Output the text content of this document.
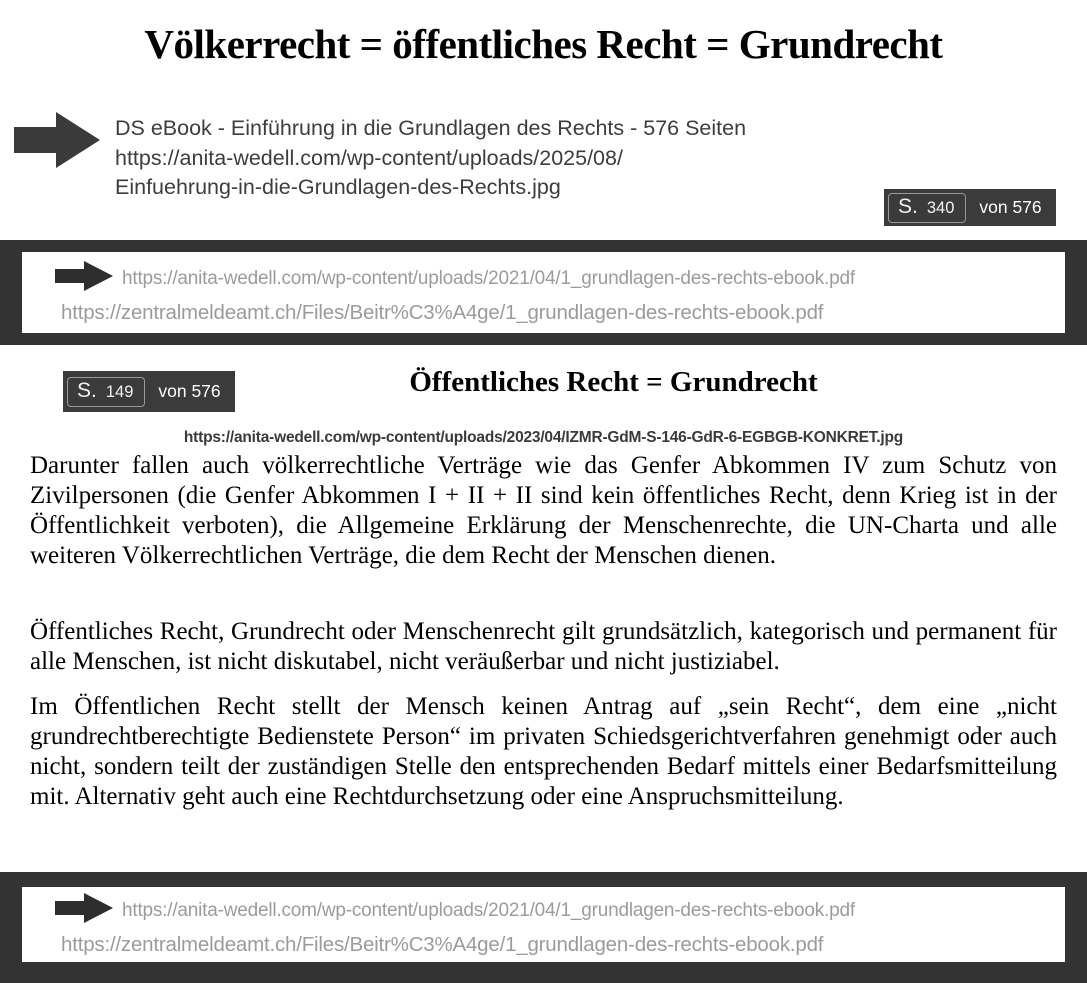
Völkerrecht = öffentliches Recht = Grundrecht
DS eBook - Einführung in die Grundlagen des Rechts - 576 Seiten
https://anita-wedell.com/wp-content/uploads/2025/08/
Einfuehrung-in-die-Grundlagen-des-Rechts.jpg
S. 340 von 576
https://anita-wedell.com/wp-content/uploads/2021/04/1_grundlagen-des-rechts-ebook.pdf
https://zentralmeldeamt.ch/Files/Beitr%C3%A4ge/1_grundlagen-des-rechts-ebook.pdf
S. 149 von 576	Öffentliches Recht = Grundrecht
https://anita-wedell.com/wp-content/uploads/2023/04/IZMR-GdM-S-146-GdR-6-EGBGB-KONKRET.jpg

Darunter fallen auch völkerrechtliche Verträge wie das Genfer Abkommen IV zum Schutz von Zivilpersonen (die Genfer Abkommen I + II + II sind kein öffentliches Recht, denn Krieg ist in der Öffentlichkeit verboten), die Allgemeine Erklärung der Menschenrechte, die UN-Charta und alle weiteren Völkerrechtlichen Verträge, die dem Recht der Menschen dienen.

Öffentliches Recht, Grundrecht oder Menschenrecht gilt grundsätzlich, kategorisch und permanent für alle Menschen, ist nicht diskutabel, nicht veräußerbar und nicht justiziabel.

Im Öffentlichen Recht stellt der Mensch keinen Antrag auf „sein Recht“, dem eine „nicht grundrechtberechtigte Bedienstete Person“ im privaten Schiedsgerichtverfahren genehmigt oder auch nicht, sondern teilt der zuständigen Stelle den entsprechenden Bedarf mittels einer Bedarfsmitteilung mit. Alternativ geht auch eine Rechtdurchsetzung oder eine Anspruchsmitteilung.

https://anita-wedell.com/wp-content/uploads/2021/04/1_grundlagen-des-rechts-ebook.pdf
https://zentralmeldeamt.ch/Files/Beitr%C3%A4ge/1_grundlagen-des-rechts-ebook.pdf
